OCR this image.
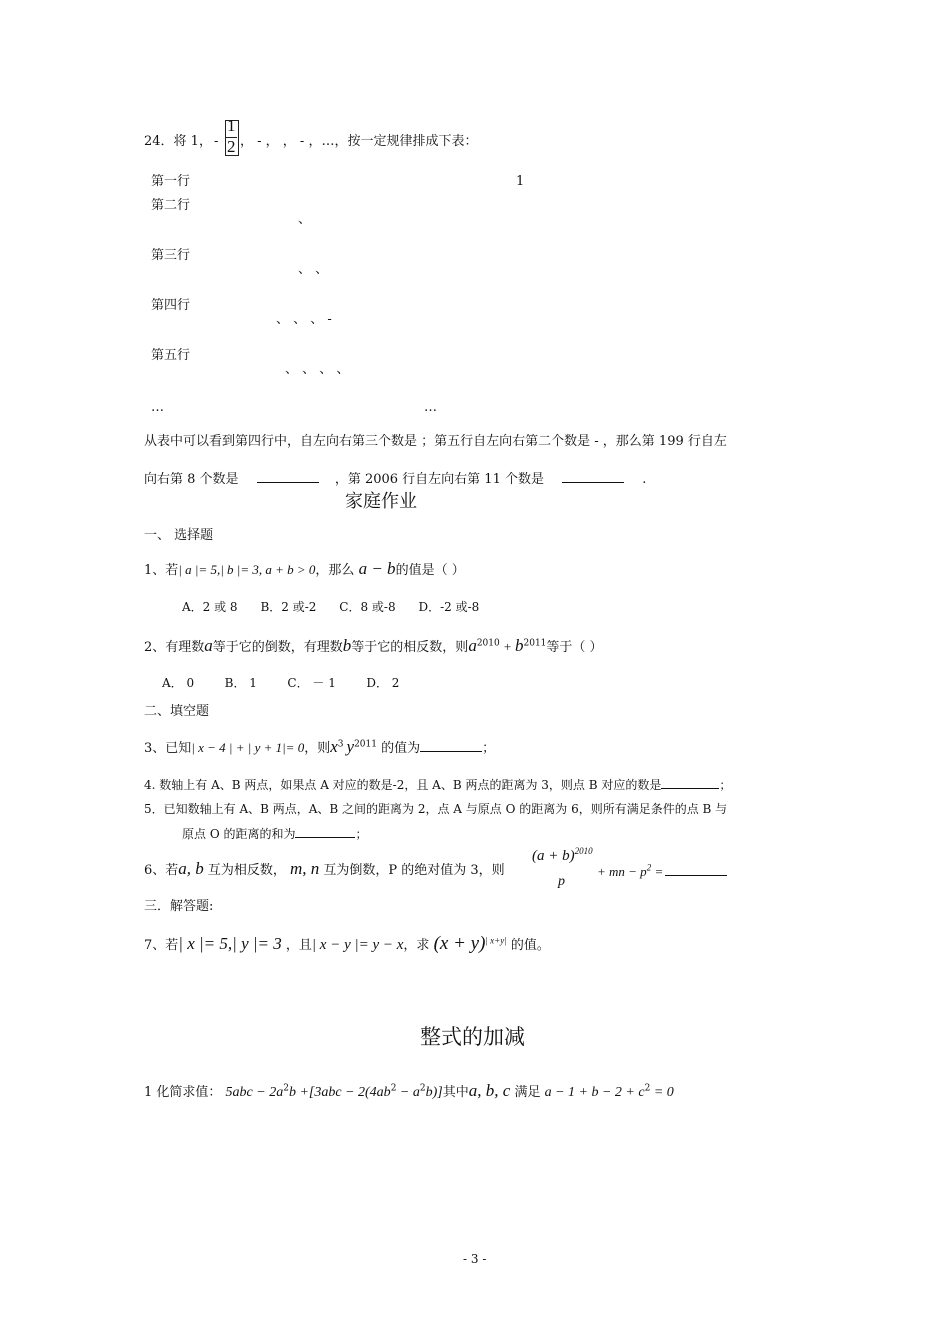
24．将 1， -
1
2 ， - ， ， - ，…，按一定规律排成下表：
第一行	1
第二行
、
第三行
、 、
第四行
、 、 、 -
第五行
、 、 、 、
…	…
从表中可以看到第四行中，自左向右第三个数是 ；第五行自左向右第二个数是 - ，那么第 199 行自左
向右第 8 个数是	，第 2006 行自左向右第 11 个数是	.
家庭作业
一、 选择题
1、若| a |= 5,| b |= 3, a + b > 0，那么 a − b的值是（ ）
A．2 或 8      B．2 或-2      C．8 或-8      D．-2 或-8
2、有理数a等于它的倒数，有理数b等于它的相反数，则$a^{2010} + b^{2011}$等于（ ）
A． 0        B． 1        C． － 1        D． 2
二、填空题
3、已知| x − 4 | + | y + 1|= 0，则$x^3$ $y^{2011}$ 的值为	；
4. 数轴上有 A、B 两点，如果点 A 对应的数是-2，且 A、B 两点的距离为 3，则点 B 对应的数是	；
5．已知数轴上有 A、B 两点，A、B 之间的距离为 2，点 A 与原点 O 的距离为 6，则所有满足条件的点 B 与
原点 O 的距离的和为	；
6、若a, b 互为相反数， m, n 互为倒数，P 的绝对值为 3，则
$(a + b)^{2010}$
p
+ mn − $p^2$ =
三．解答题:
7、若| x |= 5,| y |= 3 ，且| x − y |= y − x，求 $(x + y)^{| x+y|}$ 的值。
整式的加减
1 化简求值： $5abc - 2a^2b +[3abc - 2(4ab^2 - a^2b)]$其中a, b, c 满足 $a - 1 + b - 2 + c^2 = 0$
- 3 -
